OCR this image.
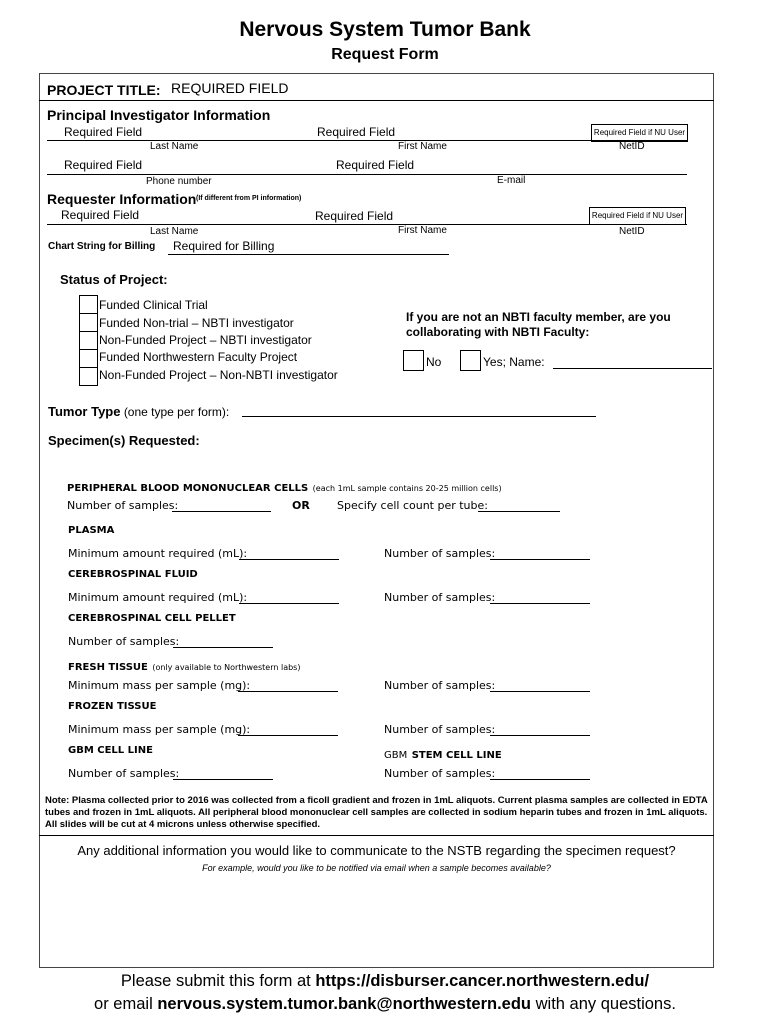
Nervous System Tumor Bank
Request Form
PROJECT TITLE: REQUIRED FIELD
Principal Investigator Information
Required Field	Required Field	Required Field if NU User
Last Name	First Name	NetID
Required Field	Required Field
Phone number	E-mail
Requester Information (If different from PI information)
Required Field	Required Field	Required Field if NU User
Last Name	First Name	NetID
Chart String for Billing Required for Billing
Status of Project:
Funded Clinical Trial
Funded Non-trial – NBTI investigator
Non-Funded Project – NBTI investigator
Funded Northwestern Faculty Project
Non-Funded Project – Non-NBTI investigator
If you are not an NBTI faculty member, are you collaborating with NBTI Faculty:
No	Yes; Name:
Tumor Type (one type per form):
Specimen(s) Requested:
PERIPHERAL BLOOD MONONUCLEAR CELLS (each 1mL sample contains 20-25 million cells)
Number of samples:	OR Specify cell count per tube:
PLASMA
Minimum amount required (mL):	Number of samples:
CEREBROSPINAL FLUID
Minimum amount required (mL):	Number of samples:
CEREBROSPINAL CELL PELLET
Number of samples:
FRESH TISSUE (only available to Northwestern labs)
Minimum mass per sample (mg):	Number of samples:
FROZEN TISSUE
Minimum mass per sample (mg):	Number of samples:
GBM CELL LINE	GBM STEM CELL LINE
Number of samples:	Number of samples:
Note: Plasma collected prior to 2016 was collected from a ficoll gradient and frozen in 1mL aliquots. Current plasma samples are collected in EDTA tubes and frozen in 1mL aliquots. All peripheral blood mononuclear cell samples are collected in sodium heparin tubes and frozen in 1mL aliquots. All slides will be cut at 4 microns unless otherwise specified.
Any additional information you would like to communicate to the NSTB regarding the specimen request?
For example, would you like to be notified via email when a sample becomes available?
Please submit this form at https://disburser.cancer.northwestern.edu/
or email nervous.system.tumor.bank@northwestern.edu with any questions.
